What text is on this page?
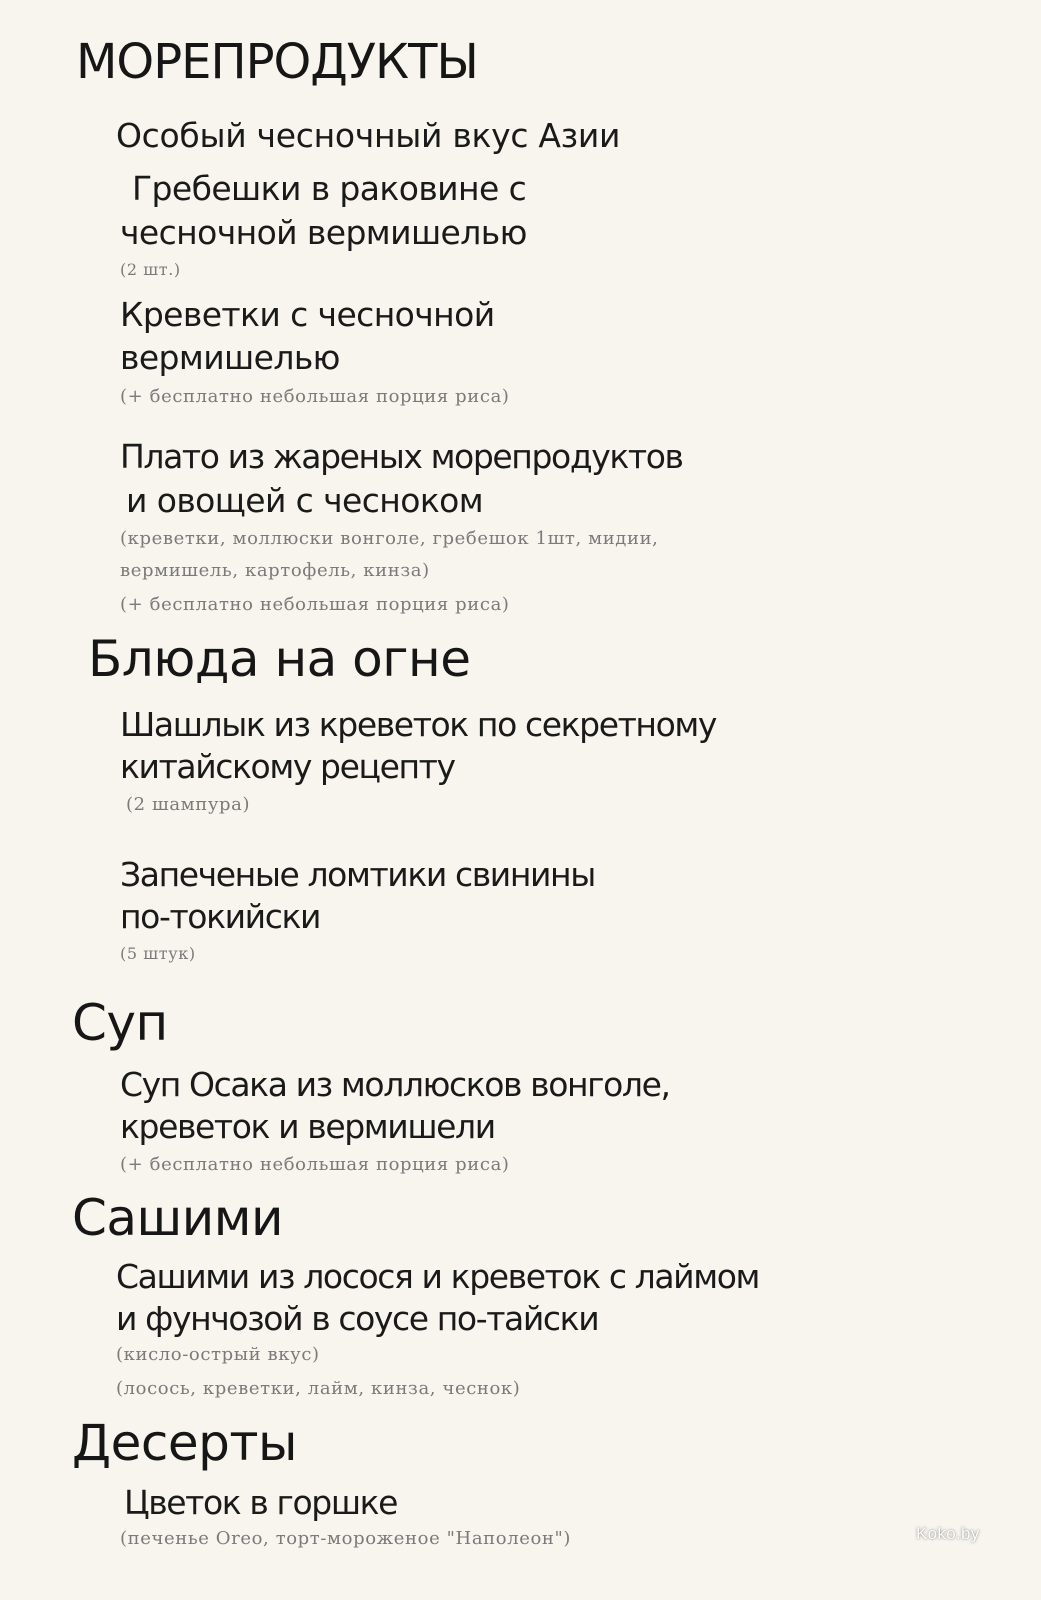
МОРЕПРОДУКТЫ
Особый чесночный вкус Азии
Гребешки в раковине с
чесночной вермишелью
(2 шт.)
Креветки с чесночной
вермишелью
(+ бесплатно небольшая порция риса)
Плато из жареных морепродуктов
и овощей с чесноком
(креветки, моллюски вонголе, гребешок 1шт, мидии,
вермишель, картофель, кинза)
(+ бесплатно небольшая порция риса)
Блюда на огне
Шашлык из креветок по секретному
китайскому рецепту
(2 шампура)
Запеченые ломтики свинины
по-токийски
(5 штук)
Суп
Суп Осака из моллюсков вонголе,
креветок и вермишели
(+ бесплатно небольшая порция риса)
Сашими
Сашими из лосося и креветок с лаймом
и фунчозой в соусе по-тайски
(кисло-острый вкус)
(лосось, креветки, лайм, кинза, чеснок)
Десерты
Цветок в горшке
(печенье Oreo, торт-мороженое "Наполеон")	Koko.by
